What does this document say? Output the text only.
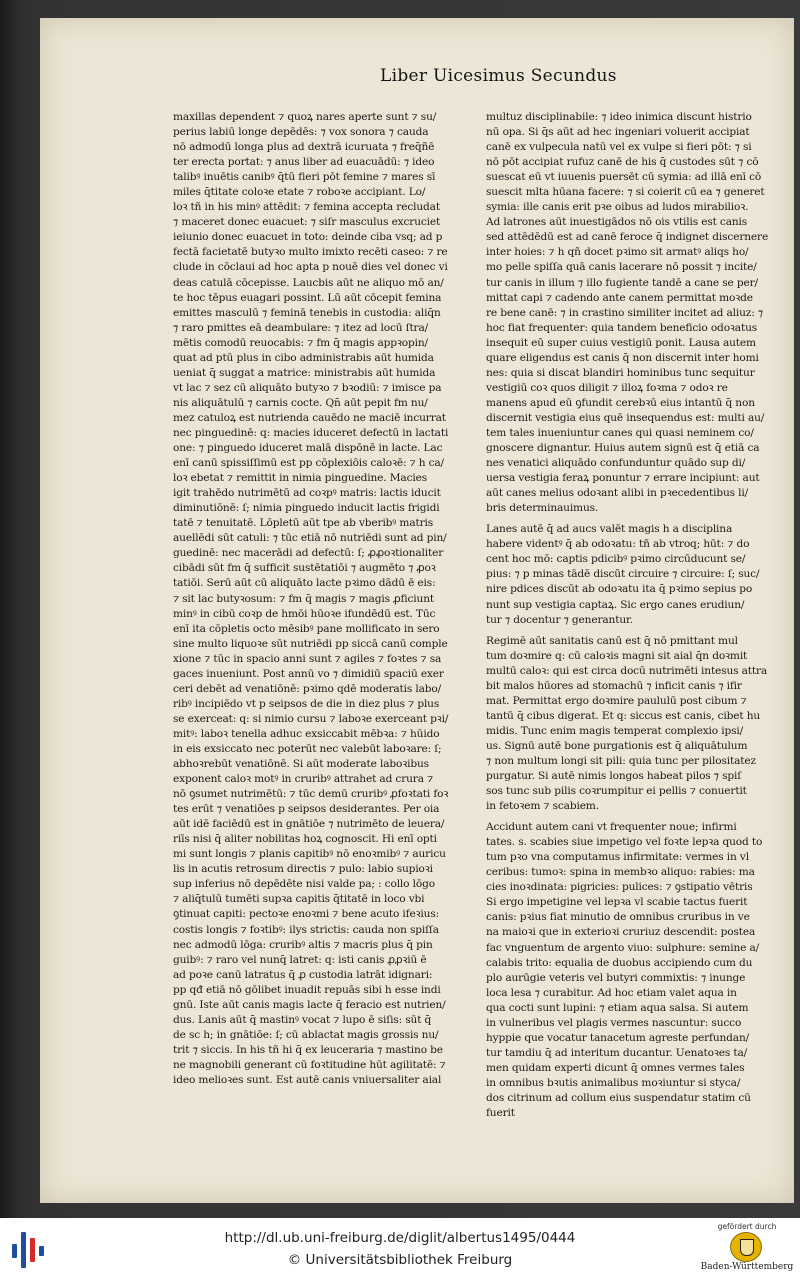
Liber Uicesimus Secundus
maxillas dependent ⁊ quoꝝ nares aperte sunt ⁊ su/
perius labiū longe depēdēs: ⁊ vox sonora ⁊ cauda
nō admodū longa plus ad dextrā icuruata ⁊ freq̄ñē
ter erecta portat: ⁊ anus liber ad euacuādū: ⁊ ideo
talibꝰ inuētis canibꝰ q̄tū fieri pōt femine ⁊ mares sī
miles q̄titate coloꝛe etate ⁊ roboꝛe accipiant. Lo/
loꝛ tñ in his minꝰ attēdit: ⁊ femina accepta recludat
⁊ maceret donec euacuet: ⁊ siſr masculus excruciet
ieiunio donec euacuet in toto: deinde ciba vsq; ad p
fectā facietatē butyꝛo multo imixto recēti caseo: ⁊ re
clude in cōclaui ad hoc apta p nouē dies vel donec vi
deas catulā cōcepisse. Laucbis aūt ne aliquo mō an/
te hoc tēpus euagari possint. Lū aūt cōcepit femina
emittes masculū ⁊ feminā tenebis in custodia: aliq̄n
⁊ raro pmittes eā deambulare: ⁊ itez ad locū ſtra/
mētis comodū reuocabis: ⁊ fm q̄ magis appꝛopin/
quat ad ptū plus in cibo administrabis aūt humida
ueniat q̄ suggat a matrice: ministrabis aūt humida
vt lac ⁊ sez cū aliquāto butyꝛo ⁊ bꝛodiū: ⁊ imisce pa
nis aliquātulū ⁊ carnis cocte. Qn̄ aūt pepit fm nu/
mez catuloꝝ est nutrienda cauēdo ne maciē incurrat
nec pinguedinē: q: macies iduceret defectū in lactati
one: ⁊ pinguedo iduceret malā dispōnē in lacte. Lac
enī canū spissiſſimū est pp cōplexiōis caloꝛē: ⁊ h ca/
loꝛ ebetat ⁊ remittit in nimia pinguedine. Macies
igit trahēdo nutrimētū ad coꝛpꝰ matris: lactis iducit
diminutiōnē: ſ; nimia pinguedo inducit lactis frigidi
tatē ⁊ tenuitatē. Lōpletū aūt tpe ab vberibꝰ matris
auellēdi sūt catuli: ⁊ tūc etiā nō nutriēdi sunt ad pin/
guedinē: nec macerādi ad defectū: ſ; ꝓꝓoꝛtionaliter
cibādi sūt fm q̄ sufficit sustētatiōi ⁊ augmēto ⁊ ꝓoꝛ
tatiōi. Serū aūt cū aliquāto lacte pꝛimo dādū ē eis:
⁊ sit lac butyꝛosum: ⁊ fm q̄ magis ⁊ magis ꝓficiunt
minꝰ in cibū coꝛp de hmōi hūoꝛe ifundēdū est. Tūc
enī ita cōpletis octo mēsibꝰ pane mollificato in sero
sine multo liquoꝛe sūt nutriēdi pp siccā canū comple
xione ⁊ tūc in spacio anni sunt ⁊ agiles ⁊ foꝛtes ⁊ sa
gaces inueniunt. Post annū vo ⁊ dimidiū spaciū exer
ceri debēt ad venatiōnē: pꝛimo qdē moderatis labo/
ribꝰ incipiēdo vt p seipsos de die in diez plus ⁊ plus
se exerceat: q: si nimio cursu ⁊ laboꝛe exerceant pꝛi/
mitꝰ: laboꝛ tenella adhuc exsiccabit mēbꝛa: ⁊ hūido
in eis exsiccato nec poterūt nec valebūt laboꝛare: ſ;
abhoꝛrebūt venatiōnē. Si aūt moderate laboꝛibus
exponent caloꝛ motꝰ in cruribꝰ attrahet ad crura ⁊
nō ꝯsumet nutrimētū: ⁊ tūc demū cruribꝰ ꝓfoꝛtati foꝛ
tes erūt ⁊ venatiōes p seipsos desiderantes. Per oia
aūt idē faciēdū est in gnātiōe ⁊ nutrimēto de leuera/
riīs nisi q̄ aliter nobilitas hoꝝ cognoscit. Hi enī opti
mi sunt longis ⁊ planis capitibꝰ nō enoꝛmibꝰ ⁊ auricu
lis in acutis retrosum directis ⁊ pulo: labio supioꝛi
sup inferius nō depēdēte nisi valde pa; : collo lōgo
⁊ aliq̄tulū tumēti supꝛa capitis q̄titatē in loco vbi
ꝯtinuat capiti: pectoꝛe enoꝛmi ⁊ bene acuto ifeꝛius:
costis longis ⁊ foꝛtibꝰ: ilys strictis: cauda non spiſſa
nec admodū lōga: cruribꝰ altis ⁊ macris plus q̄ pin
guibꝰ: ⁊ raro vel nunq̄ latret: q: isti canis ꝓꝓꝛiū ē
ad poꝛe canū latratus q̄ ꝓ custodia latrāt idignari:
pp qđ etiā nō gōlibet inuadit repuās sibi h esse indi
gnū. Iste aūt canis magis lacte q̄ feracio est nutrien/
dus. Lanis aūt q̄ mastinꝰ vocat ⁊ lupo ē siſis: sūt q̄
de sc h; in gnātiōe: ſ; cū ablactat magis grossis nu/
trit ⁊ siccis. In his tñ hi q̄ ex leuceraria ⁊ mastino be
ne magnobili generant cū foꝛtitudine hūt agilitatē: ⁊
ideo melioꝛes sunt. Est autē canis vniuersaliter aial
multuz disciplinabile: ⁊ ideo inimica discunt histrio
nū opa. Si q̄s aūt ad hec ingeniari voluerit accipiat
canē ex vulpecula natū vel ex vulpe si fieri pōt: ⁊ si
nō pōt accipiat rufuz canē de his q̄ custodes sūt ⁊ cō
suescat eū vt iuuenis puersēt cū symia: ad illā enī cō
suescit mlta hūana facere: ⁊ si coierit cū ea ⁊ generet
symia: ille canis erit pꝛe oibus ad ludos mirabilioꝛ.
Ad latrones aūt inuestigādos nō ois vtilis est canis
sed attēdēdū est ad canē feroce q̄ indignet discernere
inter hoies: ⁊ h qñ docet pꝛimo sit armatꝰ aliqs ho/
mo pelle spiſſa quā canis lacerare nō possit ⁊ incite/
tur canis in illum ⁊ illo fugiente tandē a cane se per/
mittat capi ⁊ cadendo ante canem permittat moꝛde
re bene canē: ⁊ in crastino similiter incitet ad aliuz: ⁊
hoc fiat frequenter: quia tandem beneficio odoꝛatus
insequit eū super cuius vestigiū ponit. Lausa autem
quare eligendus est canis q̄ non discernit inter homi
nes: quia si discat blandiri hominibus tunc sequitur
vestigiū coꝛ quos diligit ⁊ illoꝝ foꝛma ⁊ odoꝛ re
manens apud eū ꝯfundit cerebꝛū eius intantū q̄ non
discernit vestigia eius quē insequendus est: multi au/
tem tales inueniuntur canes qui quasi neminem co/
gnoscere dignantur. Huius autem signū est q̄ etiā ca
nes venatici aliquādo confunduntur quādo sup di/
uersa vestigia feraꝝ ponuntur ⁊ errare incipiunt: aut
aūt canes melius odoꝛant alibi in pꝛecedentibus li/
bris determinauimus.
Lanes autē q̄ ad aucs valēt magis h a disciplina
habere videntꝰ q̄ ab odoꝛatu: tñ ab vtroq; hūt: ⁊ do
cent hoc mō: captis pdicibꝰ pꝛimo circūducunt se/
pius: ⁊ p minas tādē discūt circuire ⁊ circuire: ſ; suc/
nire pdices discūt ab odoꝛatu ita q̄ pꝛimo sepius po
nunt sup vestigia captaꝝ. Sic ergo canes erudiun/
tur ⁊ docentur ⁊ generantur.
Regimē aūt sanitatis canū est q̄ nō pmittant mul
tum doꝛmire q: cū caloꝛis magni sit aial q̄n doꝛmit
multū caloꝛ: qui est circa docū nutrimēti intesus attra
bit malos hūores ad stomachū ⁊ inficit canis ⁊ ifir
mat. Permittat ergo doꝛmire paululū post cibum ⁊
tantū q̄ cibus digerat. Et q: siccus est canis, cibet hu
midis. Tunc enim magis temperat complexio ipsi/
us. Signū autē bone purgationis est q̄ aliquātulum
⁊ non multum longi sit pili: quia tunc per pilositatez
purgatur. Si autē nimis longos habeat pilos ⁊ spiſ
sos tunc sub pilis coꝛrumpitur ei pellis ⁊ conuertit
in fetoꝛem ⁊ scabiem.
Accidunt autem cani vt frequenter noue; infirmi
tates. s. scabies siue impetigo vel foꝛte lepꝛa quod to
tum pꝛo vna computamus infirmitate: vermes in vl
ceribus: tumoꝛ: spina in membꝛo aliquo: rabies: ma
cies inoꝛdinata: pigricies: pulices: ⁊ ꝯstipatio vētris
Si ergo impetigine vel lepꝛa vl scabie tactus fuerit
canis: pꝛius fiat minutio de omnibus cruribus in ve
na maioꝛi que in exterioꝛi cruriuz descendit: postea
fac vnguentum de argento viuo: sulphure: semine a/
calabis trito: equalia de duobus accipiendo cum du
plo aurūgie veteris vel butyri commixtis: ⁊ inunge
loca lesa ⁊ curabitur. Ad hoc etiam valet aqua in
qua cocti sunt lupini: ⁊ etiam aqua salsa. Si autem
in vulneribus vel plagis vermes nascuntur: succo
hyppie que vocatur tanacetum agreste perfundan/
tur tamdiu q̄ ad interitum ducantur. Uenatoꝛes ta/
men quidam experti dicunt q̄ omnes vermes tales
in omnibus bꝛutis animalibus moꝛiuntur si styca/
dos citrinum ad collum eius suspendatur statim cū
fuerit
http://dl.ub.uni-freiburg.de/diglit/albertus1495/0444
© Universitätsbibliothek Freiburg
gefördert durch
Baden-Württemberg
